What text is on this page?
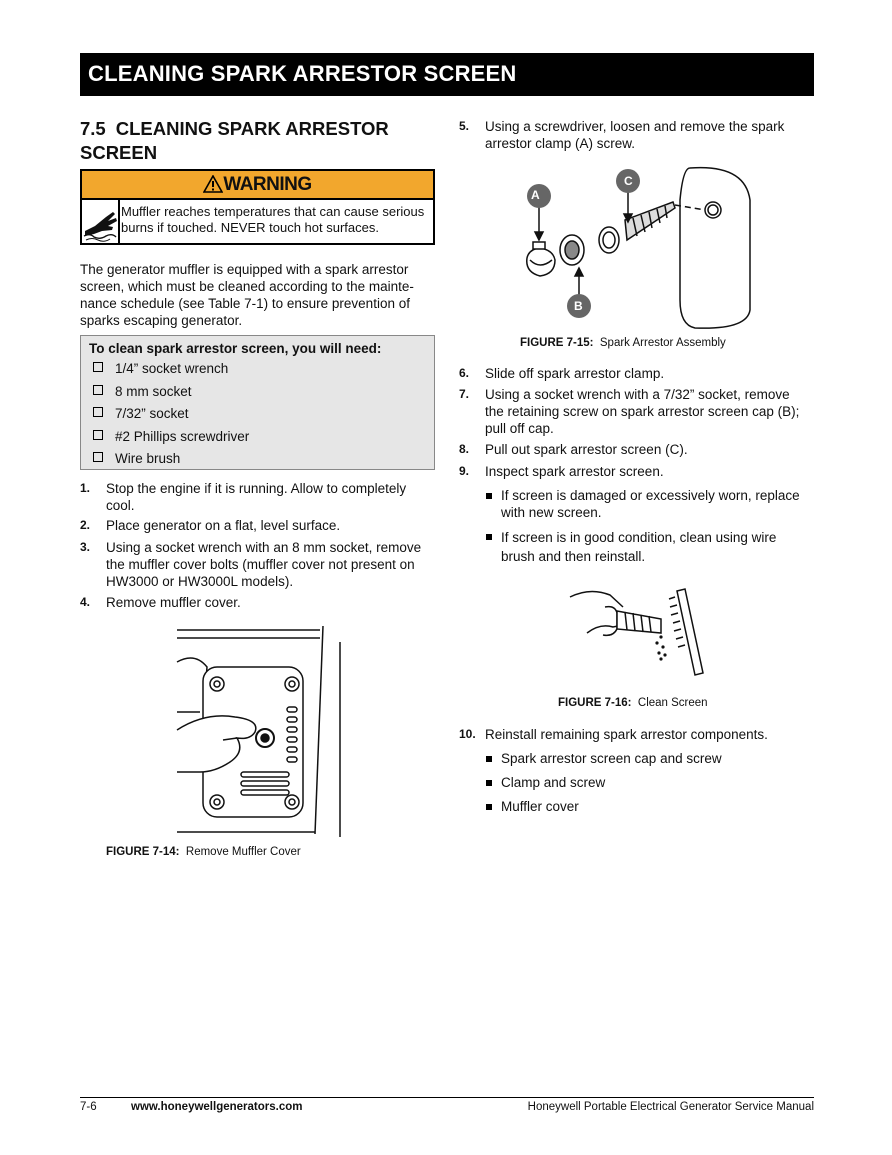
CLEANING SPARK ARRESTOR SCREEN

7.5 CLEANING SPARK ARRESTOR

SCREEN

WARNING
Muffler reaches temperatures that can cause serious
burns if touched. NEVER touch hot surfaces.

The generator muffler is equipped with a spark arrestor

screen, which must be cleaned according to the mainte-

nance schedule (see Table 7-1) to ensure prevention of

sparks escaping generator.

To clean spark arrestor screen, you will need:
1/4” socket wrench
8 mm socket
7/32” socket
#2 Phillips screwdriver
Wire brush
1. Stop the engine if it is running. Allow to completely
cool.
2. Place generator on a flat, level surface.
3. Using a socket wrench with an 8 mm socket, remove
the muffler cover bolts (muffler cover not present on
HW3000 or HW3000L models).
4. Remove muffler cover.
FIGURE 7-14: Remove Muffler Cover
5. Using a screwdriver, loosen and remove the spark
arrestor clamp (A) screw.
A
B
C
FIGURE 7-15: Spark Arrestor Assembly
6. Slide off spark arrestor clamp.
7. Using a socket wrench with a 7/32” socket, remove
the retaining screw on spark arrestor screen cap (B);
pull off cap.
8. Pull out spark arrestor screen (C).
9. Inspect spark arrestor screen.
If screen is damaged or excessively worn, replace
with new screen.
If screen is in good condition, clean using wire
brush and then reinstall.
FIGURE 7-16: Clean Screen
10. Reinstall remaining spark arrestor components.
Spark arrestor screen cap and screw
Clamp and screw
Muffler cover
7-6	www.honeywellgenerators.com	Honeywell Portable Electrical Generator Service Manual
